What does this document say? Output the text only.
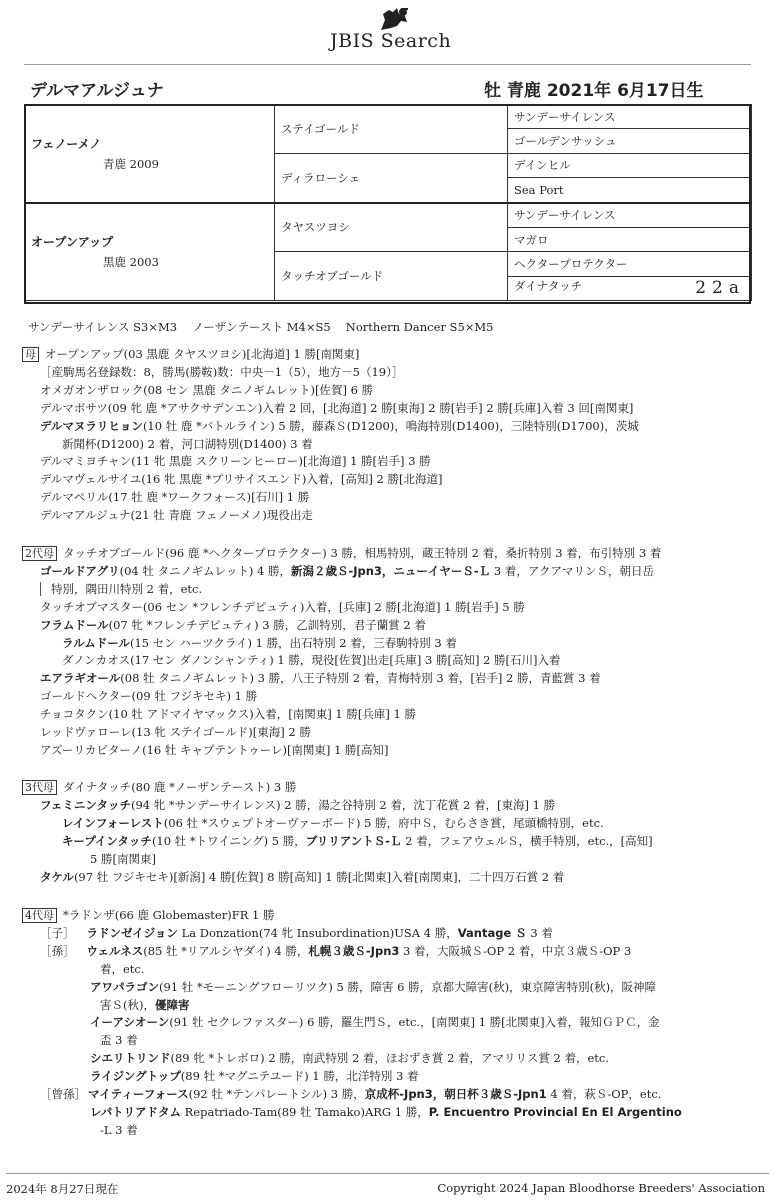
JBIS Search
デルマアルジュナ	牡 青鹿 2021年 6月17日生
フェノーメノ
青鹿 2009	ステイゴールド	サンデーサイレンス
		ゴールデンサッシュ
	ディラローシェ	デインヒル
		Sea Port

オープンアップ
黒鹿 2003	タヤスツヨシ	サンデーサイレンス
		マガロ
	タッチオブゴールド	ヘクタープロテクター
		ダイナタッチ 22a
サンデーサイレンス S3×M3　 ノーザンテースト M4×S5　 Northern Dancer S5×M5
母 オープンアップ(03 黒鹿 タヤスツヨシ)[北海道] 1 勝[南関東]
［産駒馬名登録数：8，勝馬(勝鞍)数：中央－1（5），地方－5（19）］
オメガオンザロック(08 セン 黒鹿 タニノギムレット)[佐賀] 6 勝
デルマボサツ(09 牝 鹿 *アサクサデンエン)入着 2 回，[北海道] 2 勝[東海] 2 勝[岩手] 2 勝[兵庫]入着 3 回[南関東]
デルマヌラリヒョン(10 牡 鹿 *バトルライン) 5 勝，藤森Ｓ(D1200)，鳴海特別(D1400)，三陸特別(D1700)，茨城
新聞杯(D1200) 2 着，河口湖特別(D1400) 3 着
デルマミヨチャン(11 牝 黒鹿 スクリーンヒーロー)[北海道] 1 勝[岩手] 3 勝
デルマヴェルサイユ(16 牝 黒鹿 *プリサイスエンド)入着，[高知] 2 勝[北海道]
デルマペリル(17 牡 鹿 *ワークフォース)[石川] 1 勝
デルマアルジュナ(21 牡 青鹿 フェノーメノ)現役出走
2代母 タッチオブゴールド(96 鹿 *ヘクタープロテクター) 3 勝，相馬特別，蔵王特別 2 着，桑折特別 3 着，布引特別 3 着
ゴールドアグリ(04 牡 タニノギムレット) 4 勝，新潟２歳Ｓ-Jpn3，ニューイヤーＳ-Ｌ 3 着，アクアマリンＳ，朝日岳
特別，隅田川特別 2 着，etc.
タッチオブマスター(06 セン *フレンチデピュティ)入着，[兵庫] 2 勝[北海道] 1 勝[岩手] 5 勝
フラムドール(07 牝 *フレンチデピュティ) 3 勝，乙訓特別，君子蘭賞 2 着
ラルムドール(15 セン ハーツクライ) 1 勝，出石特別 2 着，三春駒特別 3 着
ダノンカオス(17 セン ダノンシャンティ) 1 勝，現役[佐賀]出走[兵庫] 3 勝[高知] 2 勝[石川]入着
エアラギオール(08 牡 タニノギムレット) 3 勝，八王子特別 2 着，青梅特別 3 着，[岩手] 2 勝，青藍賞 3 着
ゴールドヘクター(09 牡 フジキセキ) 1 勝
チョコタクン(10 牡 アドマイヤマックス)入着，[南関東] 1 勝[兵庫] 1 勝
レッドヴァローレ(13 牝 ステイゴールド)[東海] 2 勝
アズーリカピターノ(16 牡 キャプテントゥーレ)[南関東] 1 勝[高知]
3代母 ダイナタッチ(80 鹿 *ノーザンテースト) 3 勝
フェミニンタッチ(94 牝 *サンデーサイレンス) 2 勝，湯之谷特別 2 着，沈丁花賞 2 着，[東海] 1 勝
レインフォーレスト(06 牡 *スウェプトオーヴァーボード) 5 勝，府中Ｓ，むらさき賞，尾頭橋特別，etc.
キープインタッチ(10 牡 *トワイニング) 5 勝，ブリリアントＳ-Ｌ 2 着，フェアウェルＳ，横手特別，etc.，[高知]
5 勝[南関東]
タケル(97 牡 フジキセキ)[新潟] 4 勝[佐賀] 8 勝[高知] 1 勝[北関東]入着[南関東]，二十四万石賞 2 着
4代母 *ラドンザ(66 鹿 Globemaster)FR 1 勝
［子］ ラドンゼイジョン La Donzation(74 牝 Insubordination)USA 4 勝，Vantage Ｓ 3 着
［孫］ ウェルネス(85 牡 *リアルシヤダイ) 4 勝，札幌３歳Ｓ-Jpn3 3 着，大阪城Ｓ-OP 2 着，中京３歳Ｓ-OP 3
着，etc.
アワパラゴン(91 牡 *モーニングフローリツク) 5 勝，障害 6 勝，京都大障害(秋)，東京障害特別(秋)，阪神障
害Ｓ(秋)，優障害
イーアシオーン(91 牡 セクレファスター) 6 勝，羅生門Ｓ，etc.，[南関東] 1 勝[北関東]入着，報知ＧＰＣ，金
盃 3 着
シエリトリンド(89 牝 *トレボロ) 2 勝，南武特別 2 着，ほおずき賞 2 着，アマリリス賞 2 着，etc.
ライジングトップ(89 牡 *マグニテユード) 1 勝，北洋特別 3 着
［曾孫］ マイティーフォース(92 牡 *テンパレートシル) 3 勝，京成杯-Jpn3，朝日杯３歳Ｓ-Jpn1 4 着，萩Ｓ-OP，etc.
レパトリアドタム Repatriado-Tam(89 牡 Tamako)ARG 1 勝，P. Encuentro Provincial En El Argentino
-L 3 着
2024年 8月27日現在	Copyright 2024 Japan Bloodhorse Breeders' Association
